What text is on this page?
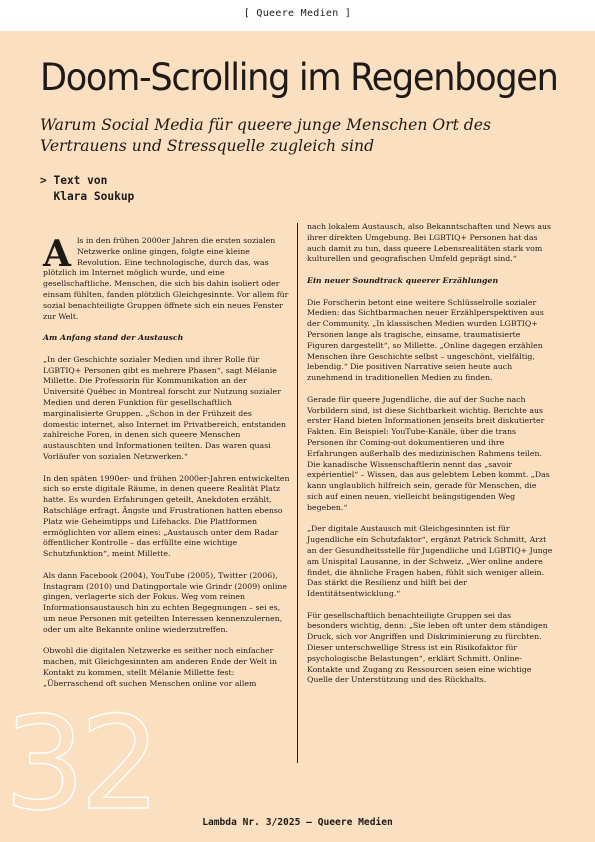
[ Queere Medien ]
Doom-Scrolling im Regenbogen
Warum Social Media für queere junge Menschen Ort des Vertrauens und Stressquelle zugleich sind
> Text von
Klara Soukup

Als in den frühen 2000er Jahren die ersten sozialen Netzwerke online gingen, folgte eine kleine Revolution. Eine technologische, durch das, was plötzlich im Internet möglich wurde, und eine gesellschaftliche. Menschen, die sich bis dahin isoliert oder einsam fühlten, fanden plötzlich Gleichgesinnte. Vor allem für sozial benachteiligte Gruppen öffnete sich ein neues Fenster zur Welt.

Am Anfang stand der Austausch

„In der Geschichte sozialer Medien und ihrer Rolle für LGBTIQ+ Personen gibt es mehrere Phasen“, sagt Mélanie Millette. Die Professorin für Kommunikation an der Université Québec in Montreal forscht zur Nutzung sozialer Medien und deren Funktion für gesellschaftlich marginalisierte Gruppen. „Schon in der Frühzeit des domestic internet, also Internet im Privatbereich, entstanden zahlreiche Foren, in denen sich queere Menschen austauschten und Informationen teilten. Das waren quasi Vorläufer von sozialen Netzwerken.“

In den späten 1990er- und frühen 2000er-Jahren entwickelten sich so erste digitale Räume, in denen queere Realität Platz hatte. Es wurden Erfahrungen geteilt, Anekdoten erzählt, Ratschläge erfragt. Ängste und Frustrationen hatten ebenso Platz wie Geheimtipps und Lifehacks. Die Plattformen ermöglichten vor allem eines: „Austausch unter dem Radar öffentlicher Kontrolle – das erfüllte eine wichtige Schutzfunktion“, meint Millette.

Als dann Facebook (2004), YouTube (2005), Twitter (2006), Instagram (2010) und Datingportale wie Grindr (2009) online gingen, verlagerte sich der Fokus. Weg vom reinen Informationsaustausch hin zu echten Begegnungen – sei es, um neue Personen mit geteilten Interessen kennenzulernen, oder um alte Bekannte online wiederzutreffen.

Obwohl die digitalen Netzwerke es seither noch einfacher machen, mit Gleichgesinnten am anderen Ende der Welt in Kontakt zu kommen, stellt Mélanie Millette fest: „Überraschend oft suchen Menschen online vor allem

nach lokalem Austausch, also Bekanntschaften und News aus ihrer direkten Umgebung. Bei LGBTIQ+ Personen hat das auch damit zu tun, dass queere Lebensrealitäten stark vom kulturellen und geografischen Umfeld geprägt sind.“

Ein neuer Soundtrack queerer Erzählungen

Die Forscherin betont eine weitere Schlüsselrolle sozialer Medien: das Sichtbarmachen neuer Erzählperspektiven aus der Community. „In klassischen Medien wurden LGBTIQ+ Personen lange als tragische, einsame, traumatisierte Figuren dargestellt“, so Millette. „Online dagegen erzählen Menschen ihre Geschichte selbst – ungeschönt, vielfältig, lebendig.“ Die positiven Narrative seien heute auch zunehmend in traditionellen Medien zu finden.

Gerade für queere Jugendliche, die auf der Suche nach Vorbildern sind, ist diese Sichtbarkeit wichtig. Berichte aus erster Hand bieten Informationen jenseits breit diskutierter Fakten. Ein Beispiel: YouTube-Kanäle, über die trans Personen ihr Coming-out dokumentieren und ihre Erfahrungen außerhalb des medizinischen Rahmens teilen. Die kanadische Wissenschaftlerin nennt das „savoir expérientiel“ – Wissen, das aus gelebtem Leben kommt. „Das kann unglaublich hilfreich sein, gerade für Menschen, die sich auf einen neuen, vielleicht beängstigenden Weg begeben.“

„Der digitale Austausch mit Gleichgesinnten ist für Jugendliche ein Schutzfaktor“, ergänzt Patrick Schmitt, Arzt an der Gesundheitsstelle für Jugendliche und LGBTIQ+ Junge am Unispital Lausanne, in der Schweiz. „Wer online andere findet, die ähnliche Fragen haben, fühlt sich weniger allein. Das stärkt die Resilienz und hilft bei der Identitätsentwicklung.“

Für gesellschaftlich benachteiligte Gruppen sei das besonders wichtig, denn: „Sie leben oft unter dem ständigen Druck, sich vor Angriffen und Diskriminierung zu fürchten. Dieser unterschwellige Stress ist ein Risikofaktor für psychologische Belastungen“, erklärt Schmitt. Online-Kontakte und Zugang zu Ressourcen seien eine wichtige Quelle der Unterstützung und des Rückhalts.

32	Lambda Nr. 3/2025 — Queere Medien
